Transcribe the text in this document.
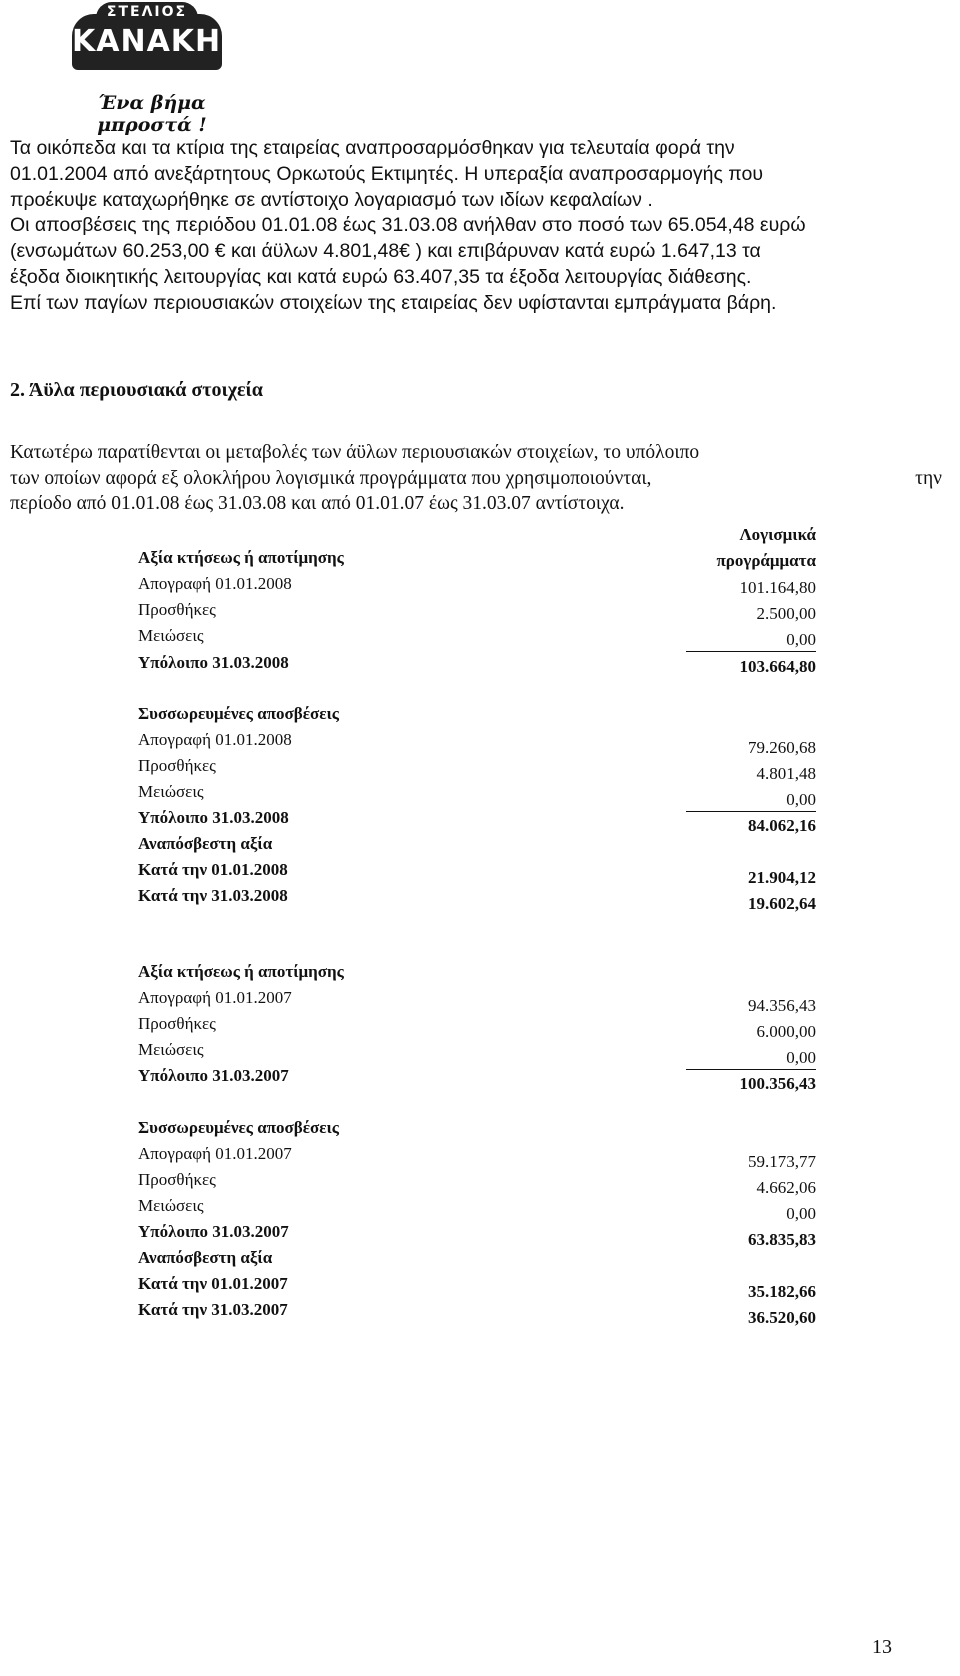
ΣΤΕΛΙΟΣ
ΚΑΝΑΚΗΣ
Ένα βήμα μπροστά !
Τα οικόπεδα και τα κτίρια της εταιρείας αναπροσαρμόσθηκαν για τελευταία φορά την
01.01.2004 από ανεξάρτητους Ορκωτούς Εκτιμητές. Η υπεραξία αναπροσαρμογής που
προέκυψε καταχωρήθηκε σε αντίστοιχο λογαριασμό των ιδίων κεφαλαίων .
Οι αποσβέσεις της περιόδου 01.01.08 έως 31.03.08 ανήλθαν στο ποσό των 65.054,48 ευρώ
(ενσωμάτων 60.253,00 € και άϋλων 4.801,48€ ) και επιβάρυναν κατά ευρώ 1.647,13 τα
έξοδα διοικητικής λειτουργίας και κατά ευρώ 63.407,35 τα έξοδα λειτουργίας διάθεσης.
Επί των παγίων περιουσιακών στοιχείων της εταιρείας δεν υφίστανται εμπράγματα βάρη.
2. Άϋλα περιουσιακά στοιχεία
Κατωτέρω παρατίθενται οι μεταβολές των άϋλων περιουσιακών στοιχείων, το υπόλοιπο
των οποίων αφορά εξ ολοκλήρου λογισμικά προγράμματα που χρησιμοποιούνται,	την
περίοδο από 01.01.08 έως 31.03.08 και από 01.01.07 έως 31.03.07 αντίστοιχα.
Λογισμικά
προγράμματα
Αξία κτήσεως ή αποτίμησης
Απογραφή 01.01.2008	101.164,80
Προσθήκες	2.500,00
Μειώσεις	0,00
Υπόλοιπο 31.03.2008	103.664,80
Συσσωρευμένες αποσβέσεις
Απογραφή 01.01.2008	79.260,68
Προσθήκες	4.801,48
Μειώσεις	0,00
Υπόλοιπο 31.03.2008	84.062,16
Αναπόσβεστη αξία
Κατά την 01.01.2008	21.904,12
Κατά την 31.03.2008	19.602,64
Αξία κτήσεως ή αποτίμησης
Απογραφή 01.01.2007	94.356,43
Προσθήκες	6.000,00
Μειώσεις	0,00
Υπόλοιπο 31.03.2007	100.356,43
Συσσωρευμένες αποσβέσεις
Απογραφή 01.01.2007	59.173,77
Προσθήκες	4.662,06
Μειώσεις	0,00
Υπόλοιπο 31.03.2007	63.835,83
Αναπόσβεστη αξία
Κατά την 01.01.2007	35.182,66
Κατά την 31.03.2007	36.520,60
13
